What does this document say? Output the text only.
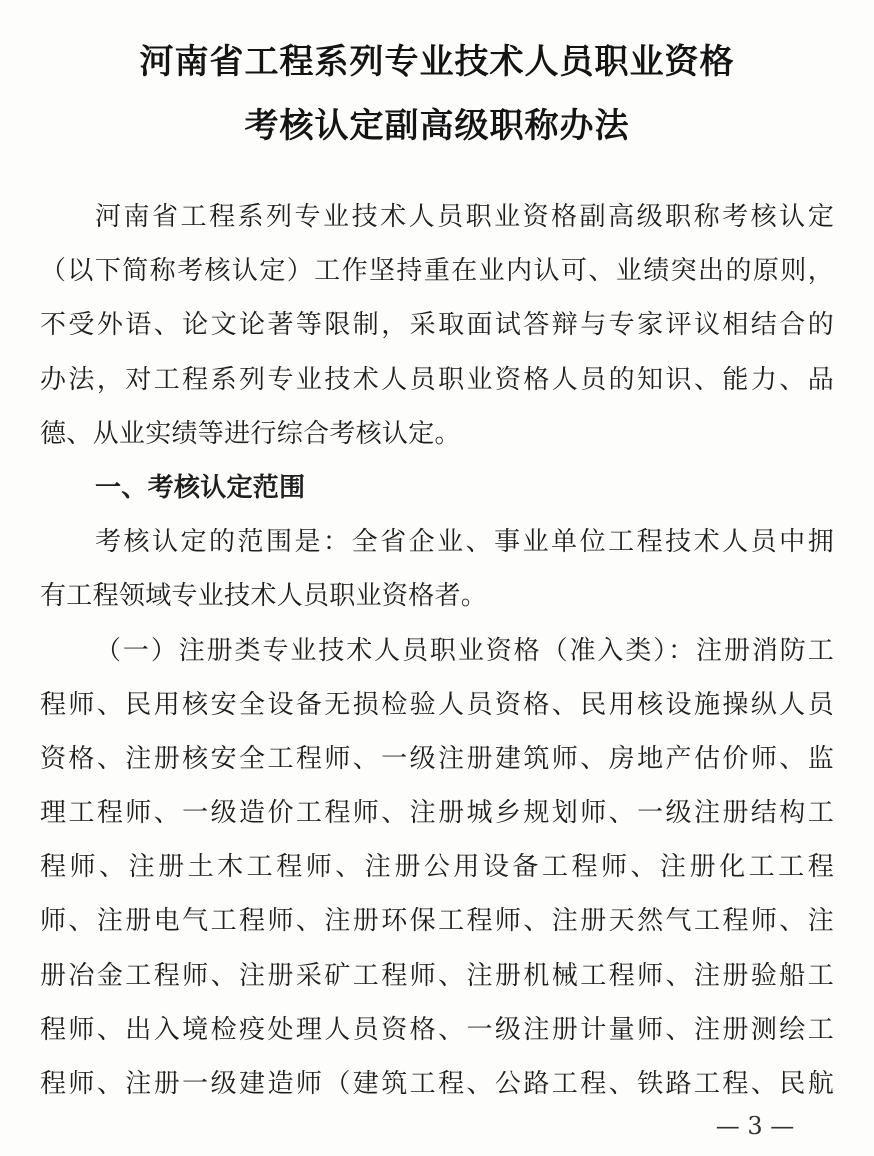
河南省工程系列专业技术人员职业资格
考核认定副高级职称办法
河南省工程系列专业技术人员职业资格副高级职称考核认定
（以下简称考核认定）工作坚持重在业内认可、业绩突出的原则，
不受外语、论文论著等限制，采取面试答辩与专家评议相结合的
办法，对工程系列专业技术人员职业资格人员的知识、能力、品
德、从业实绩等进行综合考核认定。
一、考核认定范围
考核认定的范围是：全省企业、事业单位工程技术人员中拥
有工程领域专业技术人员职业资格者。
（一）注册类专业技术人员职业资格（准入类）：注册消防工
程师、民用核安全设备无损检验人员资格、民用核设施操纵人员
资格、注册核安全工程师、一级注册建筑师、房地产估价师、监
理工程师、一级造价工程师、注册城乡规划师、一级注册结构工
程师、注册土木工程师、注册公用设备工程师、注册化工工程
师、注册电气工程师、注册环保工程师、注册天然气工程师、注
册冶金工程师、注册采矿工程师、注册机械工程师、注册验船工
程师、出入境检疫处理人员资格、一级注册计量师、注册测绘工
程师、注册一级建造师（建筑工程、公路工程、铁路工程、民航
— 3 —
